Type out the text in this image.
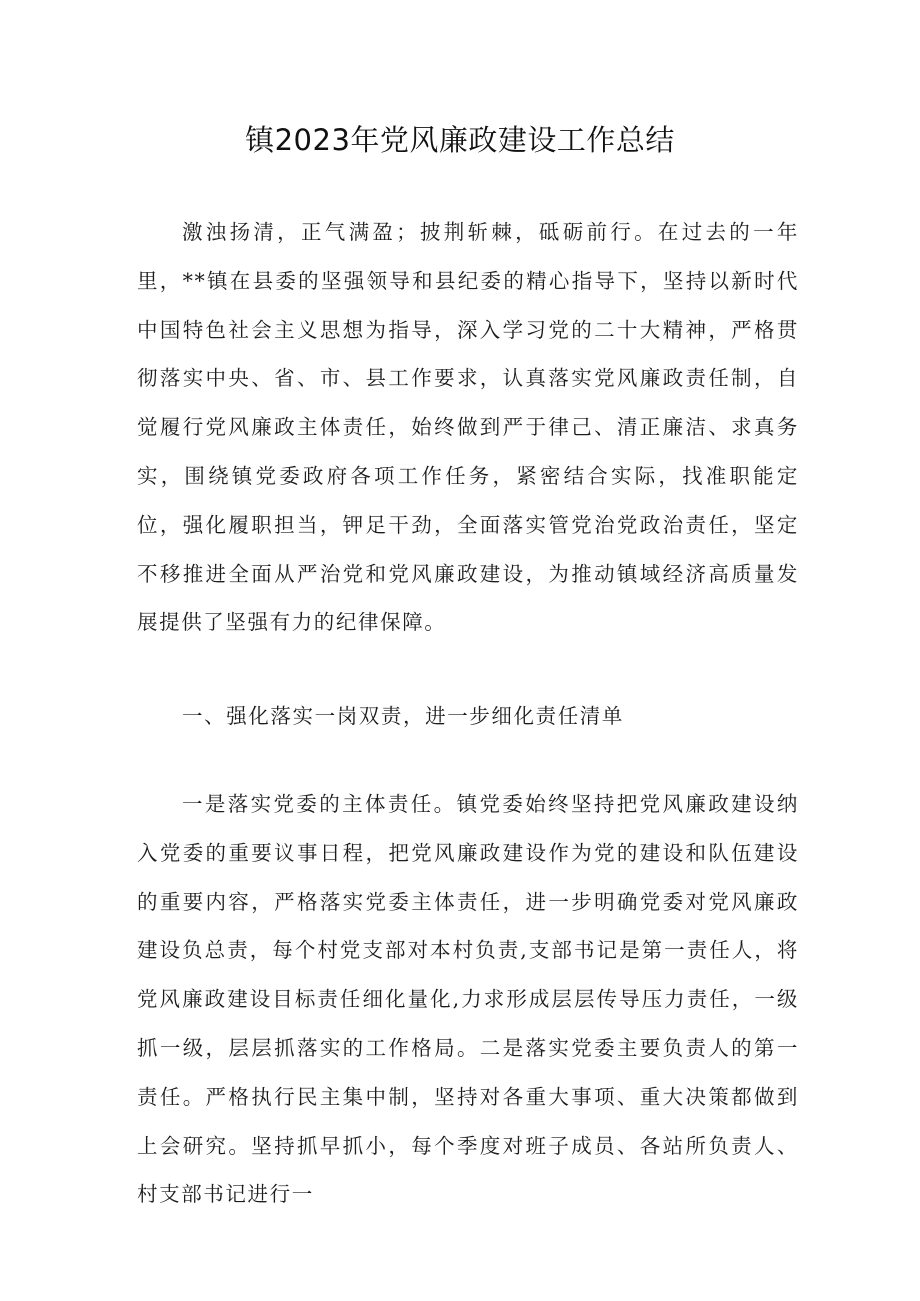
镇2023年党风廉政建设工作总结

激浊扬清，正气满盈；披荆斩棘，砥砺前行。在过去的一年里，**镇在县委的坚强领导和县纪委的精心指导下，坚持以新时代中国特色社会主义思想为指导，深入学习党的二十大精神，严格贯彻落实中央、省、市、县工作要求，认真落实党风廉政责任制，自觉履行党风廉政主体责任，始终做到严于律己、清正廉洁、求真务实，围绕镇党委政府各项工作任务，紧密结合实际，找准职能定位，强化履职担当，钾足干劲，全面落实管党治党政治责任，坚定不移推进全面从严治党和党风廉政建设，为推动镇域经济高质量发展提供了坚强有力的纪律保障。

一、强化落实一岗双责，进一步细化责任清单

一是落实党委的主体责任。镇党委始终坚持把党风廉政建设纳入党委的重要议事日程，把党风廉政建设作为党的建设和队伍建设的重要内容，严格落实党委主体责任，进一步明确党委对党风廉政建设负总责，每个村党支部对本村负责,支部书记是第一责任人，将党风廉政建设目标责任细化量化,力求形成层层传导压力责任，一级抓一级，层层抓落实的工作格局。二是落实党委主要负责人的第一责任。严格执行民主集中制，坚持对各重大事项、重大决策都做到上会研究。坚持抓早抓小，每个季度对班子成员、各站所负责人、村支部书记进行一
